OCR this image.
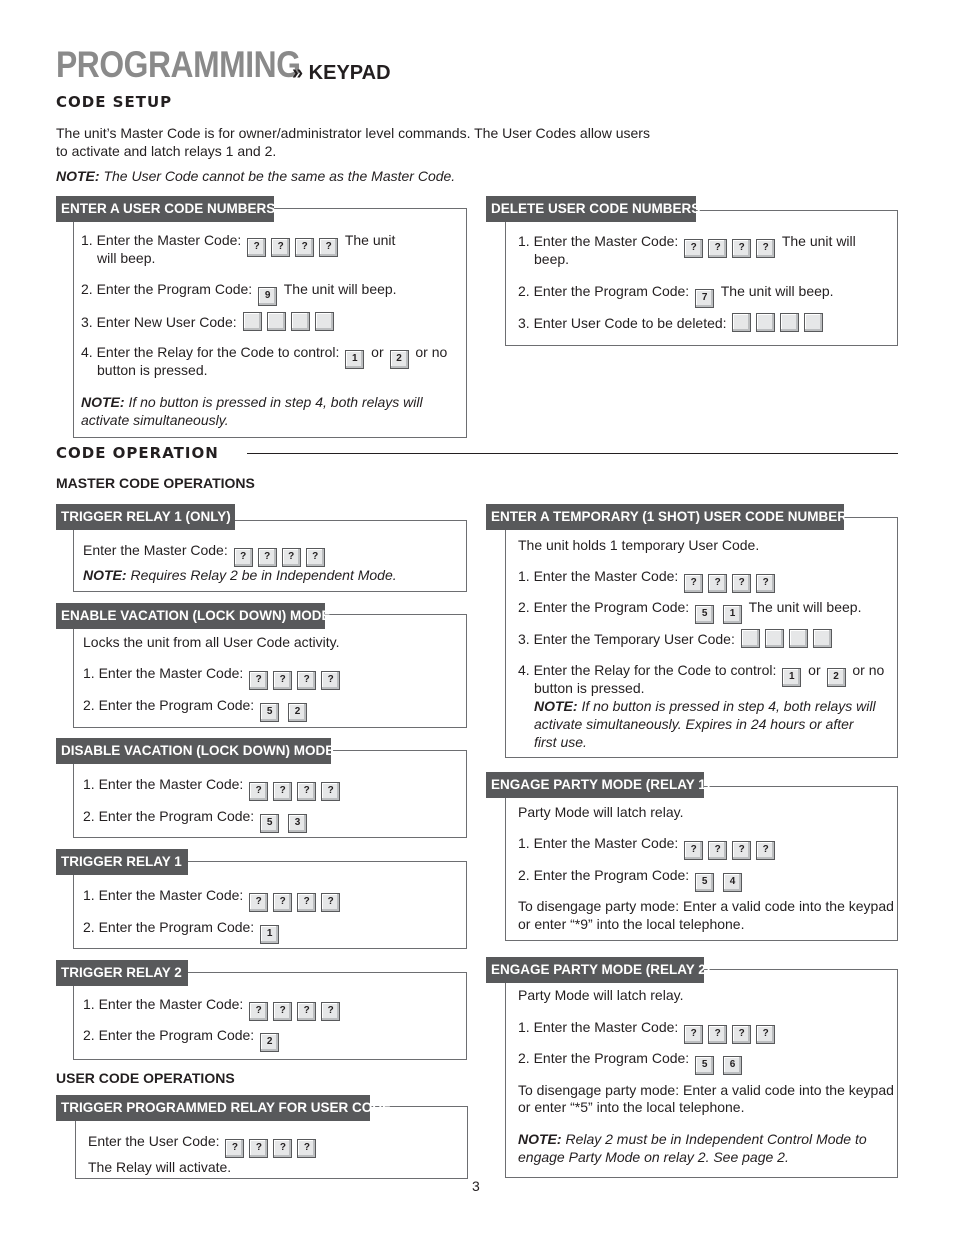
PROGRAMMING
» KEYPAD
CODE SETUP
The unit’s Master Code is for owner/administrator level commands. The User Codes allow users
to activate and latch relays 1 and 2.
NOTE: The User Code cannot be the same as the Master Code.
ENTER A USER CODE NUMBERS
1. Enter the Master Code: ? ? ? ? The unit
will beep.
2. Enter the Program Code: 9 The unit will beep.
3. Enter New User Code:
4. Enter the Relay for the Code to control: 1 or 2 or no
button is pressed.
NOTE: If no button is pressed in step 4, both relays will
activate simultaneously.
DELETE USER CODE NUMBERS
1. Enter the Master Code: ? ? ? ? The unit will
beep.
2. Enter the Program Code: 7 The unit will beep.
3. Enter User Code to be deleted:
CODE OPERATION
MASTER CODE OPERATIONS
TRIGGER RELAY 1 (ONLY)
Enter the Master Code: ? ? ? ?
NOTE: Requires Relay 2 be in Independent Mode.
ENABLE VACATION (LOCK DOWN) MODE
Locks the unit from all User Code activity.
1. Enter the Master Code: ? ? ? ?
2. Enter the Program Code: 5 2
DISABLE VACATION (LOCK DOWN) MODE
1. Enter the Master Code: ? ? ? ?
2. Enter the Program Code: 5 3
TRIGGER RELAY 1
1. Enter the Master Code: ? ? ? ?
2. Enter the Program Code: 1
TRIGGER RELAY 2
1. Enter the Master Code: ? ? ? ?
2. Enter the Program Code: 2
USER CODE OPERATIONS
TRIGGER PROGRAMMED RELAY FOR USER CODE
Enter the User Code: ? ? ? ?
The Relay will activate.
ENTER A TEMPORARY (1 SHOT) USER CODE NUMBER
The unit holds 1 temporary User Code.
1. Enter the Master Code: ? ? ? ?
2. Enter the Program Code: 5 1 The unit will beep.
3. Enter the Temporary User Code:
4. Enter the Relay for the Code to control: 1 or 2 or no
button is pressed.
NOTE: If no button is pressed in step 4, both relays will
activate simultaneously. Expires in 24 hours or after
first use.
ENGAGE PARTY MODE (RELAY 1)
Party Mode will latch relay.
1. Enter the Master Code: ? ? ? ?
2. Enter the Program Code: 5 4
To disengage party mode: Enter a valid code into the keypad
or enter “*9” into the local telephone.
ENGAGE PARTY MODE (RELAY 2)
Party Mode will latch relay.
1. Enter the Master Code: ? ? ? ?
2. Enter the Program Code: 5 6
To disengage party mode: Enter a valid code into the keypad
or enter “*5” into the local telephone.
NOTE: Relay 2 must be in Independent Control Mode to
engage Party Mode on relay 2. See page 2.
3
